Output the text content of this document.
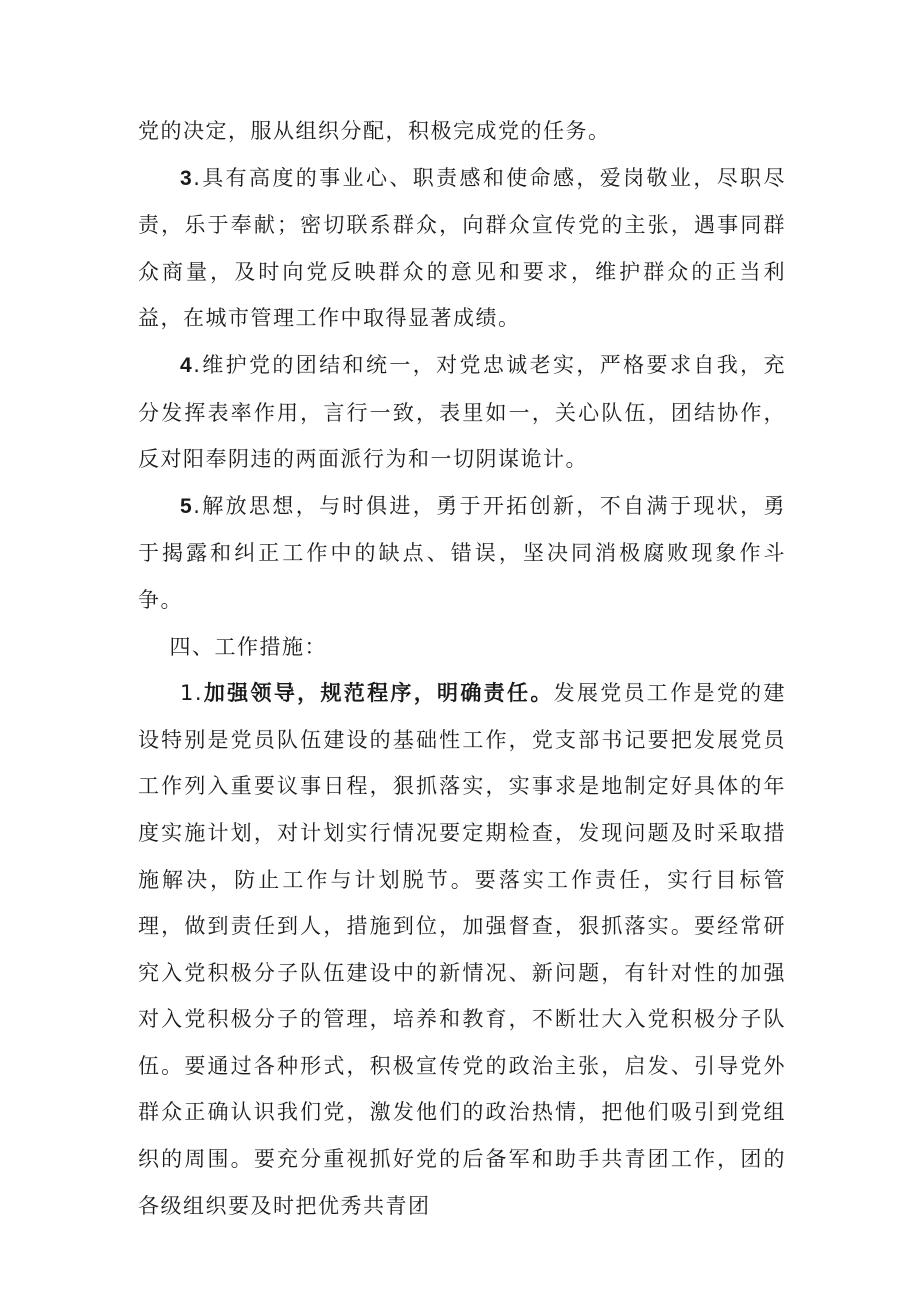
党的决定，服从组织分配，积极完成党的任务。

3.具有高度的事业心、职责感和使命感，爱岗敬业，尽职尽责，乐于奉献；密切联系群众，向群众宣传党的主张，遇事同群众商量，及时向党反映群众的意见和要求，维护群众的正当利益，在城市管理工作中取得显著成绩。

4.维护党的团结和统一，对党忠诚老实，严格要求自我，充分发挥表率作用，言行一致，表里如一，关心队伍，团结协作，反对阳奉阴违的两面派行为和一切阴谋诡计。

5.解放思想，与时俱进，勇于开拓创新，不自满于现状，勇于揭露和纠正工作中的缺点、错误，坚决同消极腐败现象作斗争。

四、工作措施：

1.加强领导，规范程序，明确责任。发展党员工作是党的建设特别是党员队伍建设的基础性工作，党支部书记要把发展党员工作列入重要议事日程，狠抓落实，实事求是地制定好具体的年度实施计划，对计划实行情况要定期检查，发现问题及时采取措施解决，防止工作与计划脱节。要落实工作责任，实行目标管理，做到责任到人，措施到位，加强督查，狠抓落实。要经常研究入党积极分子队伍建设中的新情况、新问题，有针对性的加强对入党积极分子的管理，培养和教育，不断壮大入党积极分子队伍。要通过各种形式，积极宣传党的政治主张，启发、引导党外群众正确认识我们党，激发他们的政治热情，把他们吸引到党组织的周围。要充分重视抓好党的后备军和助手共青团工作，团的各级组织要及时把优秀共青团
